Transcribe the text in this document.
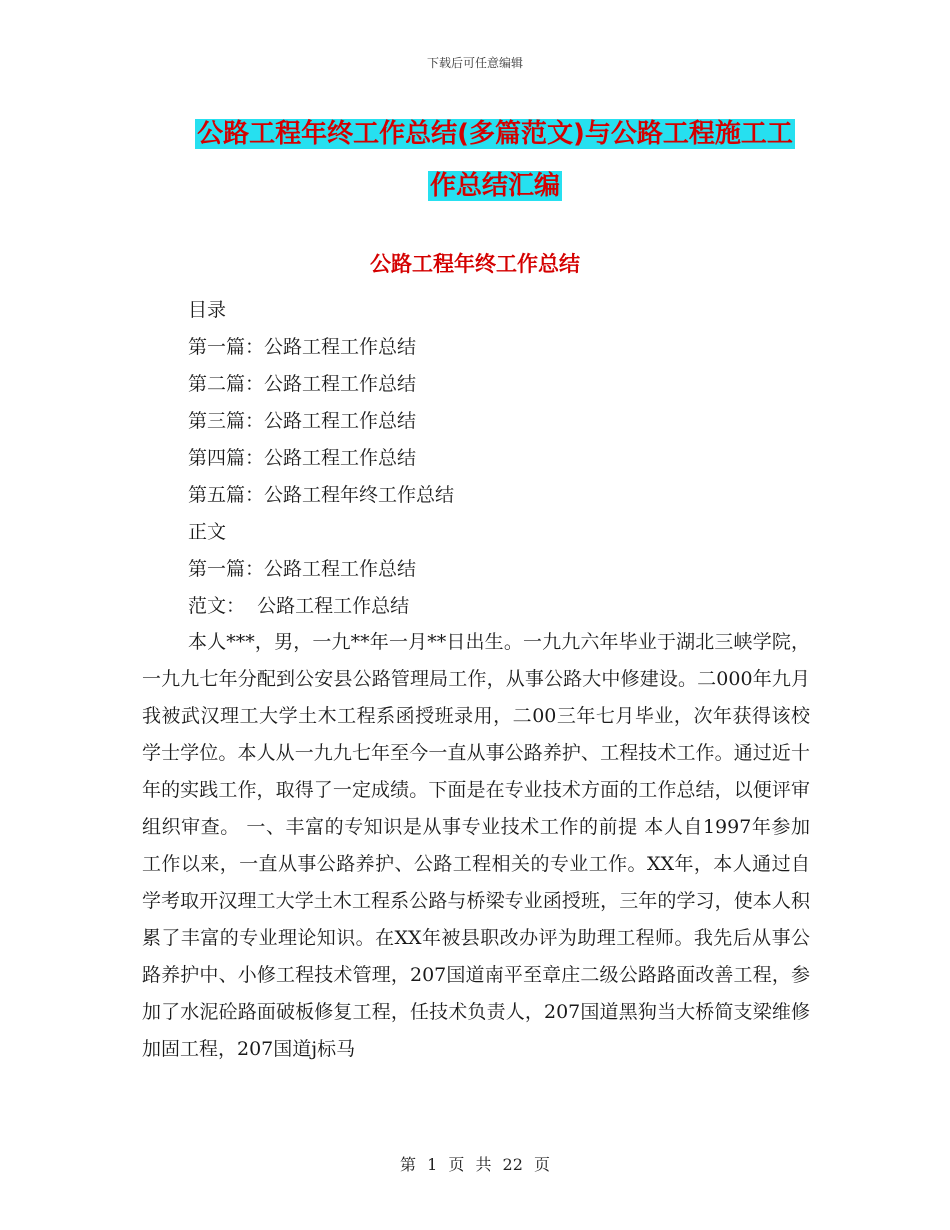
下载后可任意编辑
公路工程年终工作总结(多篇范文)与公路工程施工工
作总结汇编
公路工程年终工作总结
目录
第一篇：公路工程工作总结
第二篇：公路工程工作总结
第三篇：公路工程工作总结
第四篇：公路工程工作总结
第五篇：公路工程年终工作总结
正文
第一篇：公路工程工作总结
范文：  公路工程工作总结
本人***，男，一九**年一月**日出生。一九九六年毕业于湖北三峡学院，一九九七年分配到公安县公路管理局工作，从事公路大中修建设。二000年九月我被武汉理工大学土木工程系函授班录用，二00三年七月毕业，次年获得该校学士学位。本人从一九九七年至今一直从事公路养护、工程技术工作。通过近十年的实践工作，取得了一定成绩。下面是在专业技术方面的工作总结，以便评审组织审查。 一、丰富的专知识是从事专业技术工作的前提 本人自1997年参加工作以来，一直从事公路养护、公路工程相关的专业工作。XX年，本人通过自学考取开汉理工大学土木工程系公路与桥梁专业函授班，三年的学习，使本人积累了丰富的专业理论知识。在XX年被县职改办评为助理工程师。我先后从事公路养护中、小修工程技术管理，207国道南平至章庄二级公路路面改善工程，参加了水泥砼路面破板修复工程，任技术负责人，207国道黑狗当大桥简支梁维修加固工程，207国道j标马
第 1 页 共 22 页
